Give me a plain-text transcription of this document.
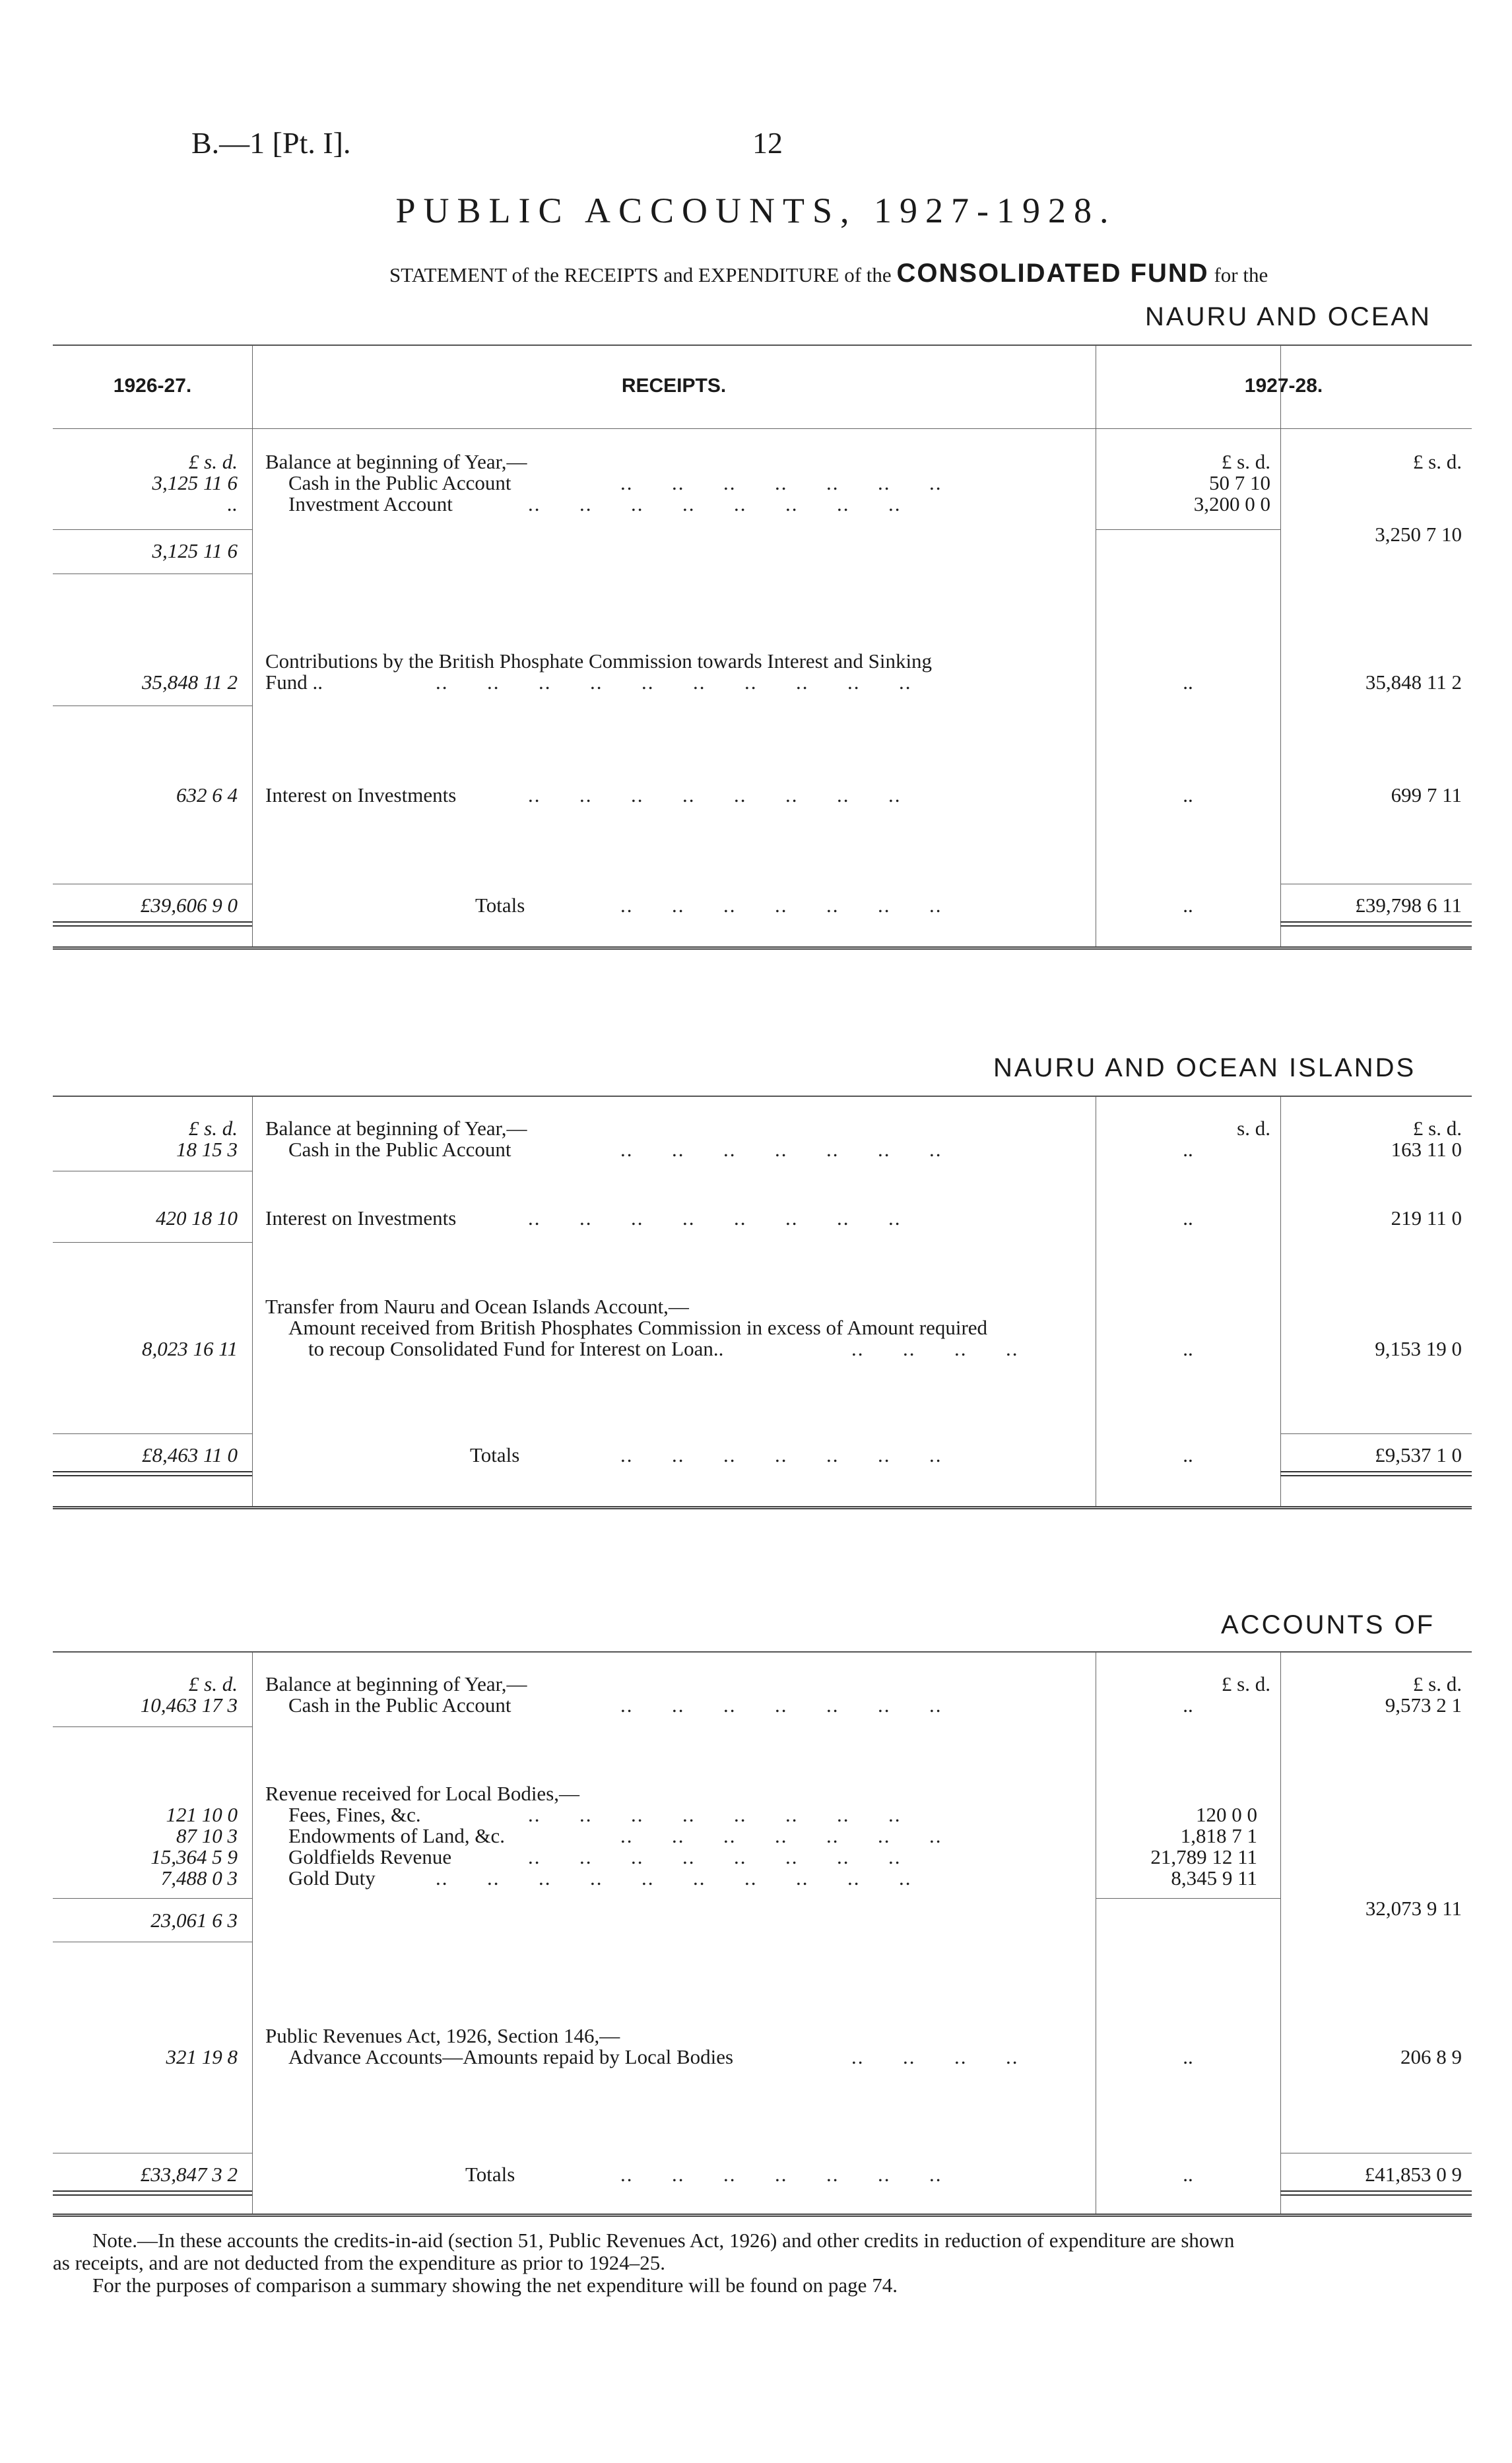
B.—1 [Pt. I].	12
PUBLIC ACCOUNTS, 1927-1928.
STATEMENT of the RECEIPTS and EXPENDITURE of the CONSOLIDATED FUND for the
NAURU AND OCEAN
1926-27.	RECEIPTS.	1927-28.
£ s. d.	£ s. d.	£ s. d.
Balance at beginning of Year,—
3,125 11 6 Cash in the Public Account	..      ..      ..      ..      ..      ..      ..	50 7 10
.. Investment Account	..      ..      ..      ..      ..      ..      ..      ..	3,200 0 0
3,125 11 6
3,250 7 10
Contributions by the British Phosphate Commission towards Interest and Sinking
35,848 11 2 Fund ..	..      ..      ..      ..      ..      ..      ..      ..      ..      ..	..	35,848 11 2
632 6 4 Interest on Investments	..      ..      ..      ..      ..      ..      ..      ..	..	699 7 11
£39,606 9 0	Totals	..      ..      ..      ..      ..      ..      ..	..	£39,798 6 11
NAURU AND OCEAN ISLANDS
£ s. d.	s. d.	£ s. d.
Balance at beginning of Year,—
18 15 3 Cash in the Public Account	..      ..      ..      ..      ..      ..      ..	..	163 11 0
420 18 10 Interest on Investments	..      ..      ..      ..      ..      ..      ..      ..	..	219 11 0
Transfer from Nauru and Ocean Islands Account,—
Amount received from British Phosphates Commission in excess of Amount required
8,023 16 11	to recoup Consolidated Fund for Interest on Loan..	..      ..      ..      ..	..	9,153 19 0
£8,463 11 0	Totals	..      ..      ..      ..      ..      ..      ..	..	£9,537 1 0
ACCOUNTS OF
£ s. d.	£ s. d.	£ s. d.
Balance at beginning of Year,—
10,463 17 3 Cash in the Public Account	..      ..      ..      ..      ..      ..      ..	..	9,573 2 1
Revenue received for Local Bodies,—
121 10 0 Fees, Fines, &c.	..      ..      ..      ..      ..      ..      ..      ..	120 0 0
87 10 3 Endowments of Land, &c.	..      ..      ..      ..      ..      ..      ..	1,818 7 1
15,364 5 9 Goldfields Revenue	..      ..      ..      ..      ..      ..      ..      ..	21,789 12 11
7,488 0 3 Gold Duty	..      ..      ..      ..      ..      ..      ..      ..      ..      ..	8,345 9 11
23,061 6 3
32,073 9 11
Public Revenues Act, 1926, Section 146,—
321 19 8 Advance Accounts—Amounts repaid by Local Bodies	..      ..      ..      ..	..	206 8 9
£33,847 3 2	Totals	..      ..      ..      ..      ..      ..      ..	..	£41,853 0 9
Note.—In these accounts the credits-in-aid (section 51, Public Revenues Act, 1926) and other credits in reduction of expenditure are shown
as receipts, and are not deducted from the expenditure as prior to 1924–25.
For the purposes of comparison a summary showing the net expenditure will be found on page 74.
